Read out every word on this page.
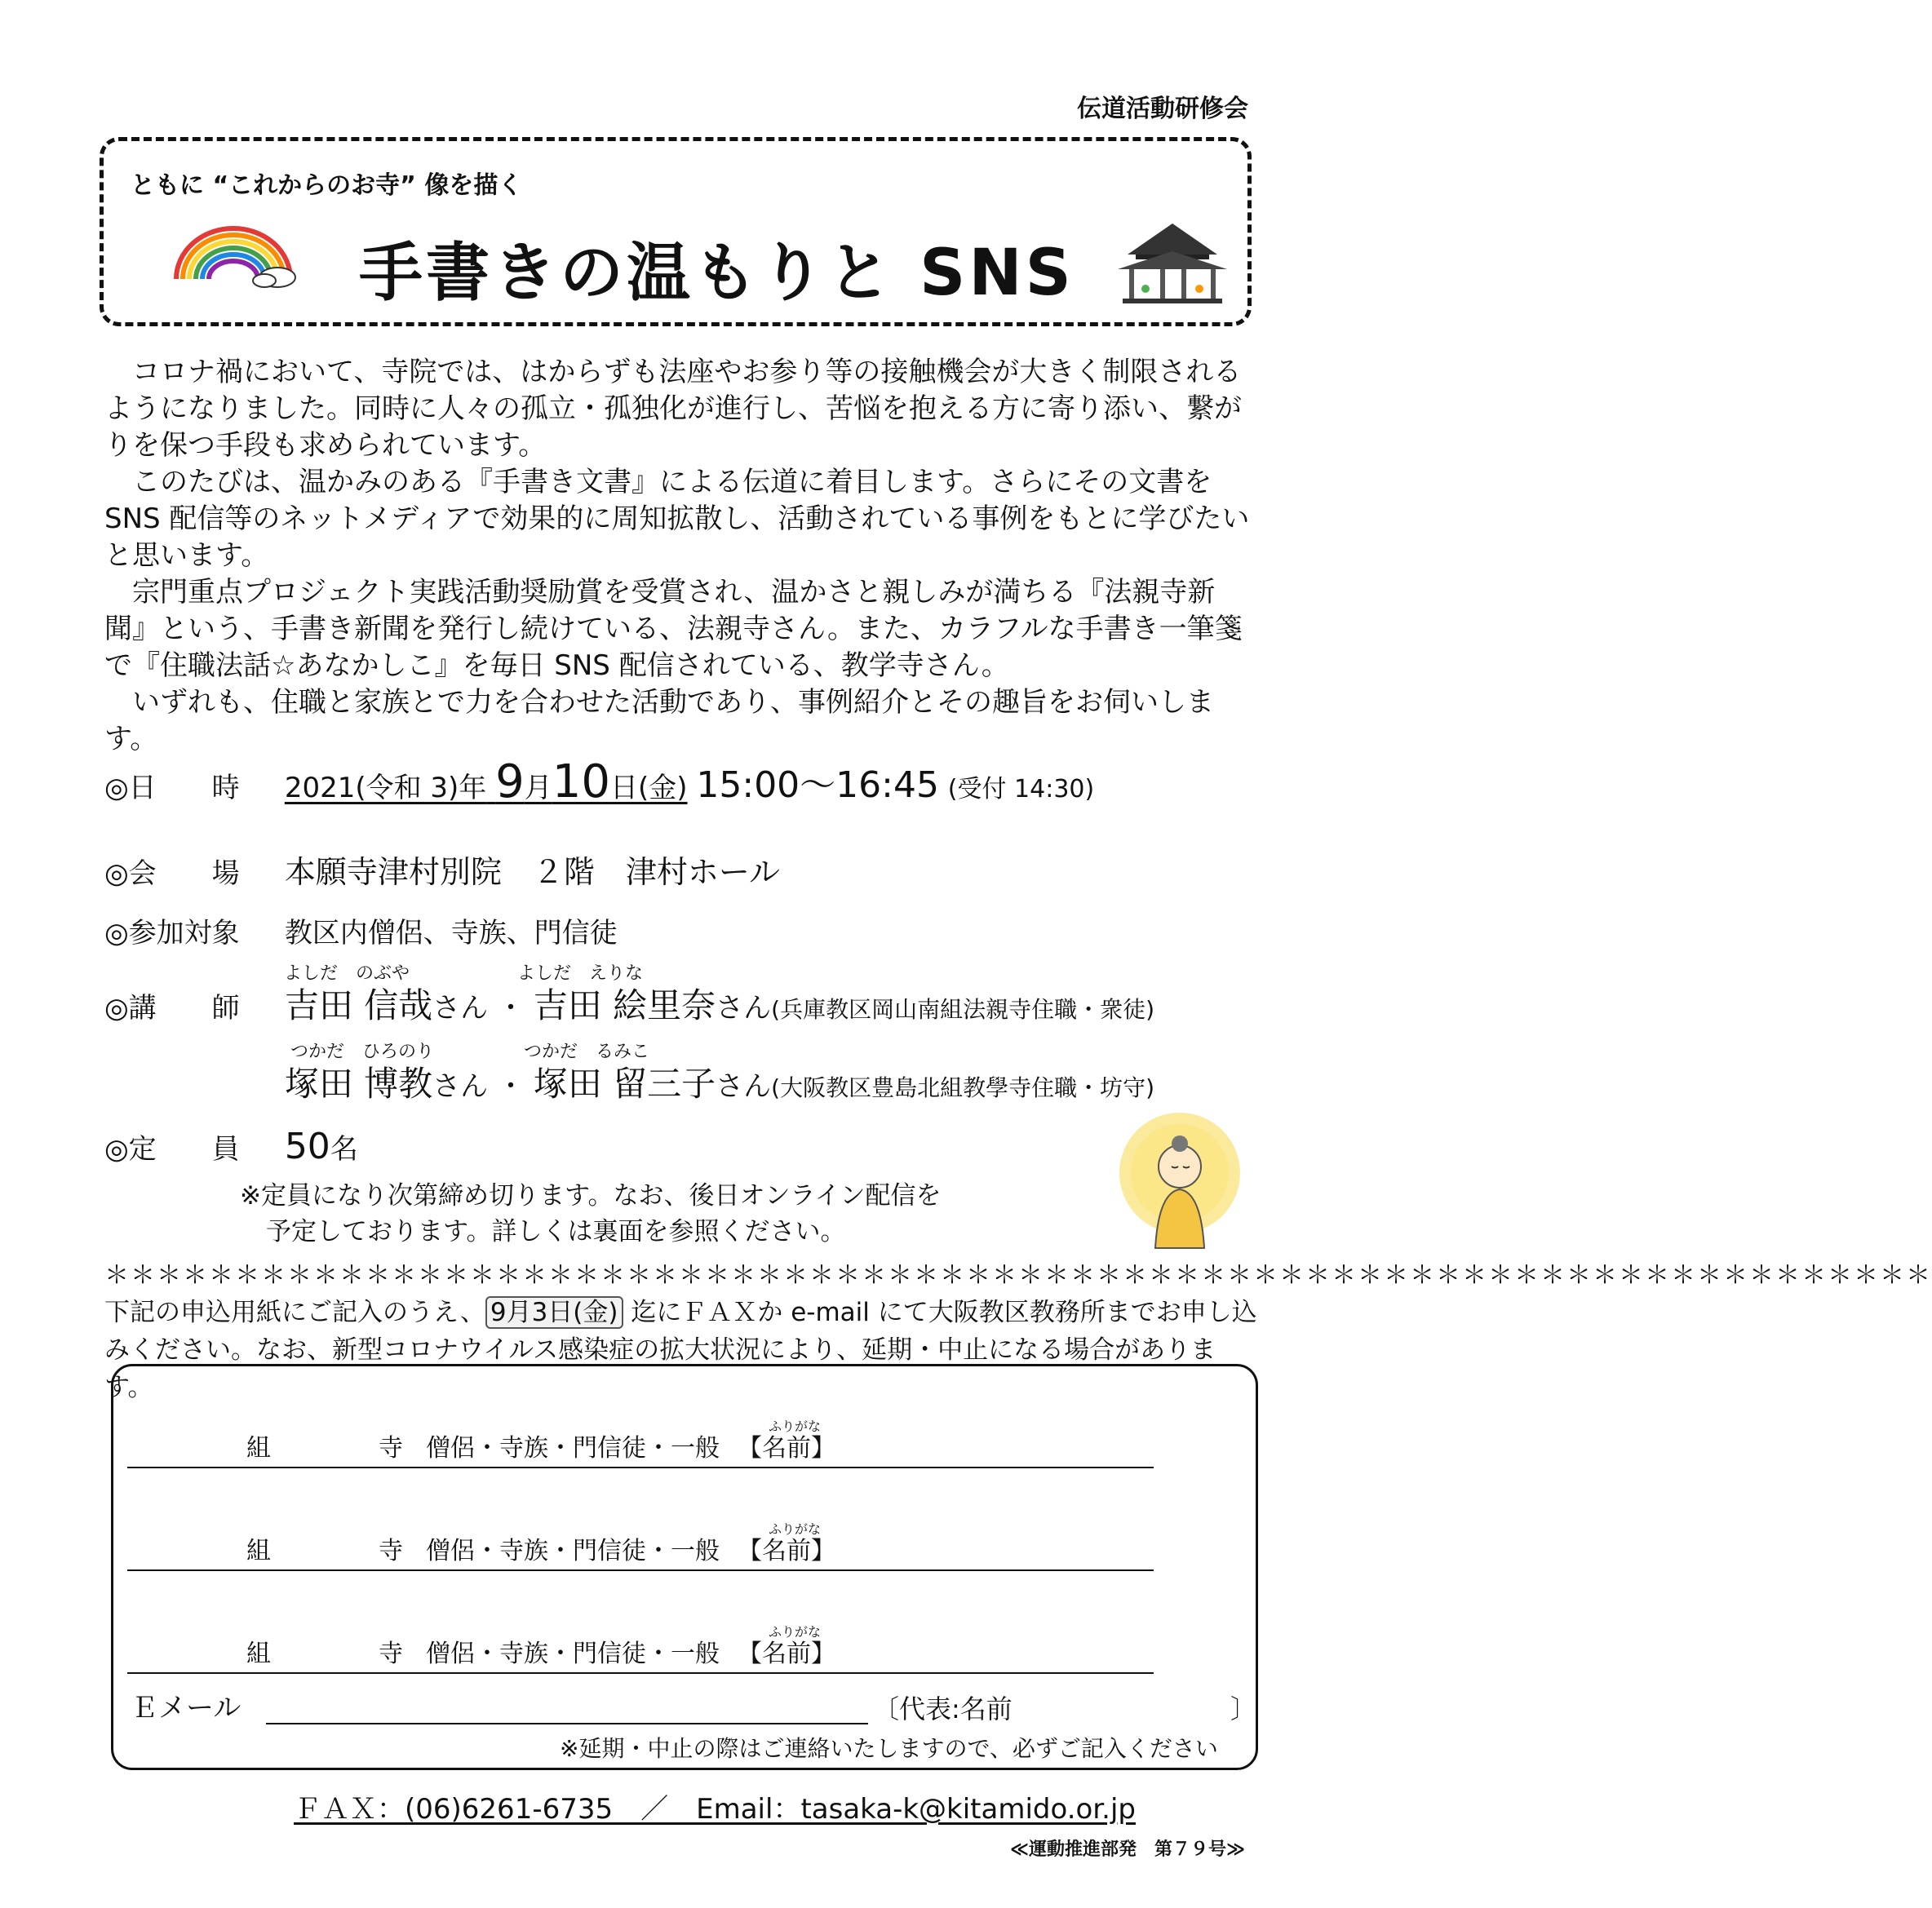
伝道活動研修会
ともに “これからのお寺” 像を描く
手書きの温もりと SNS

コロナ禍において、寺院では、はからずも法座やお参り等の接触機会が大きく制限されるようになりました。同時に人々の孤立・孤独化が進行し、苦悩を抱える方に寄り添い、繋がりを保つ手段も求められています。

このたびは、温かみのある『手書き文書』による伝道に着目します。さらにその文書を SNS 配信等のネットメディアで効果的に周知拡散し、活動されている事例をもとに学びたいと思います。

宗門重点プロジェクト実践活動奨励賞を受賞され、温かさと親しみが満ちる『法親寺新聞』という、手書き新聞を発行し続けている、法親寺さん。また、カラフルな手書き一筆箋で『住職法話☆あなかしこ』を毎日 SNS 配信されている、教学寺さん。

いずれも、住職と家族とで力を合わせた活動であり、事例紹介とその趣旨をお伺いします。

◎日　　時 2021(令和 3)年 9月10日(金) 15:00～16:45 (受付 14:30)
◎会　　場 本願寺津村別院　２階　津村ホール
◎参加対象 教区内僧侶、寺族、門信徒
よしだ　のぶや　　　　　　よしだ　えりな
◎講　　師 吉田 信哉さん ・ 吉田 絵里奈さん(兵庫教区岡山南組法親寺住職・衆徒)
つかだ　ひろのり　　　　　つかだ　るみこ
塚田 博教さん ・ 塚田 留三子さん(大阪教区豊島北組教學寺住職・坊守)
◎定　　員 50名
※定員になり次第締め切ります。なお、後日オンライン配信を
予定しております。詳しくは裏面を参照ください。
＊＊＊＊＊＊＊＊＊＊＊＊＊＊＊＊＊＊＊＊＊＊＊＊＊＊＊＊＊＊＊＊＊＊＊＊＊＊＊＊＊＊＊＊＊＊＊＊＊＊＊＊＊＊＊＊＊＊＊＊＊＊＊＊＊＊＊＊＊＊
下記の申込用紙にご記入のうえ、 9月3日(金) 迄にＦＡＸか e-mail にて大阪教区教務所までお申し込みください。なお、新型コロナウイルス感染症の拡大状況により、延期・中止になる場合があります。
組	寺 僧侶・寺族・門信徒・一般 【名前】
ふりがな
組	寺 僧侶・寺族・門信徒・一般 【名前】
ふりがな
組	寺 僧侶・寺族・門信徒・一般 【名前】
ふりがな
Ｅメール	〔代表:名前	〕
※延期・中止の際はご連絡いたしますので、必ずご記入ください
ＦＡＸ：(06)6261-6735　／　Email：tasaka-k@kitamido.or.jp
≪運動推進部発　第７９号≫
